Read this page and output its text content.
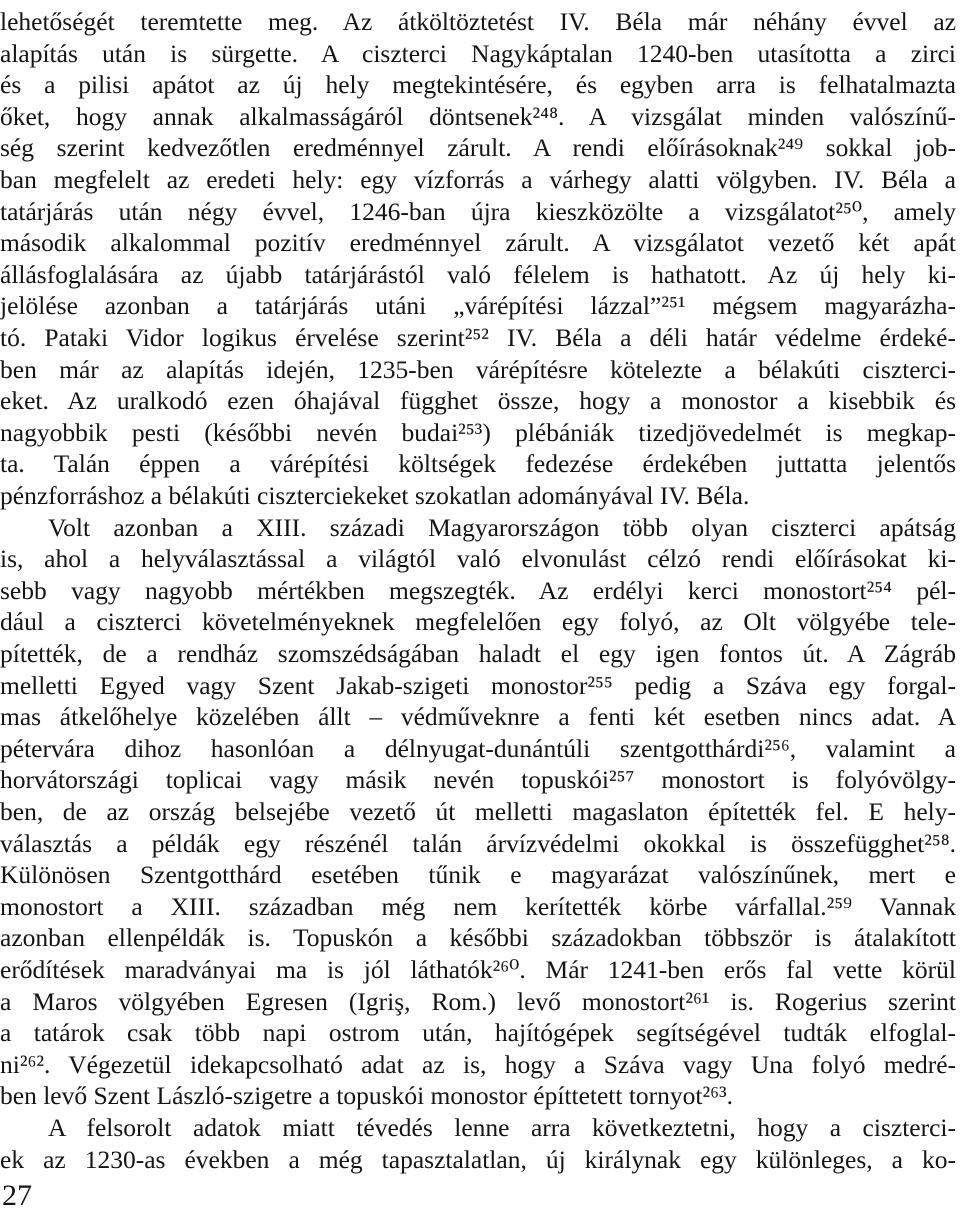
lehetőségét teremtette meg. Az átköltöztetést IV. Béla már néhány évvel az
alapítás után is sürgette. A ciszterci Nagykáptalan 1240-ben utasította a zirci
és a pilisi apátot az új hely megtekintésére, és egyben arra is felhatalmazta
őket, hogy annak alkalmasságáról döntsenek²⁴⁸. A vizsgálat minden valószínű-
ség szerint kedvezőtlen eredménnyel zárult. A rendi előírásoknak²⁴⁹ sokkal job-
ban megfelelt az eredeti hely: egy vízforrás a várhegy alatti völgyben. IV. Béla a
tatárjárás után négy évvel, 1246-ban újra kieszközölte a vizsgálatot²⁵⁰, amely
második alkalommal pozitív eredménnyel zárult. A vizsgálatot vezető két apát
állásfoglalására az újabb tatárjárástól való félelem is hathatott. Az új hely ki-
jelölése azonban a tatárjárás utáni „várépítési lázzal”²⁵¹ mégsem magyarázha-
tó. Pataki Vidor logikus érvelése szerint²⁵² IV. Béla a déli határ védelme érdeké-
ben már az alapítás idején, 1235-ben várépítésre kötelezte a bélakúti ciszterci-
eket. Az uralkodó ezen óhajával függhet össze, hogy a monostor a kisebbik és
nagyobbik pesti (későbbi nevén budai²⁵³) plébániák tizedjövedelmét is megkap-
ta. Talán éppen a várépítési költségek fedezése érdekében juttatta jelentős
pénzforráshoz a bélakúti ciszterciekeket szokatlan adományával IV. Béla.
Volt azonban a XIII. századi Magyarországon több olyan ciszterci apátság
is, ahol a helyválasztással a világtól való elvonulást célzó rendi előírásokat ki-
sebb vagy nagyobb mértékben megszegték. Az erdélyi kerci monostort²⁵⁴ pél-
dául a ciszterci követelményeknek megfelelően egy folyó, az Olt völgyébe tele-
pítették, de a rendház szomszédságában haladt el egy igen fontos út. A Zágráb
melletti Egyed vagy Szent Jakab-szigeti monostor²⁵⁵ pedig a Száva egy forgal-
mas átkelőhelye közelében állt – védműveknre a fenti két esetben nincs adat. A
pétervára dihoz hasonlóan a délnyugat-dunántúli szentgotthárdi²⁵⁶, valamint a
horvátországi toplicai vagy másik nevén topuskói²⁵⁷ monostort is folyóvölgy-
ben, de az ország belsejébe vezető út melletti magaslaton építették fel. E hely-
választás a példák egy részénél talán árvízvédelmi okokkal is összefügghet²⁵⁸.
Különösen Szentgotthárd esetében tűnik e magyarázat valószínűnek, mert e
monostort a XIII. században még nem kerítették körbe várfallal.²⁵⁹ Vannak
azonban ellenpéldák is. Topuskón a későbbi századokban többször is átalakított
erődítések maradványai ma is jól láthatók²⁶⁰. Már 1241-ben erős fal vette körül
a Maros völgyében Egresen (Igriş, Rom.) levő monostort²⁶¹ is. Rogerius szerint
a tatárok csak több napi ostrom után, hajítógépek segítségével tudták elfoglal-
ni²⁶². Végezetül idekapcsolható adat az is, hogy a Száva vagy Una folyó medré-
ben levő Szent László-szigetre a topuskói monostor építtetett tornyot²⁶³.
A felsorolt adatok miatt tévedés lenne arra következtetni, hogy a ciszterci-
ek az 1230-as években a még tapasztalatlan, új királynak egy különleges, a ko-
27
